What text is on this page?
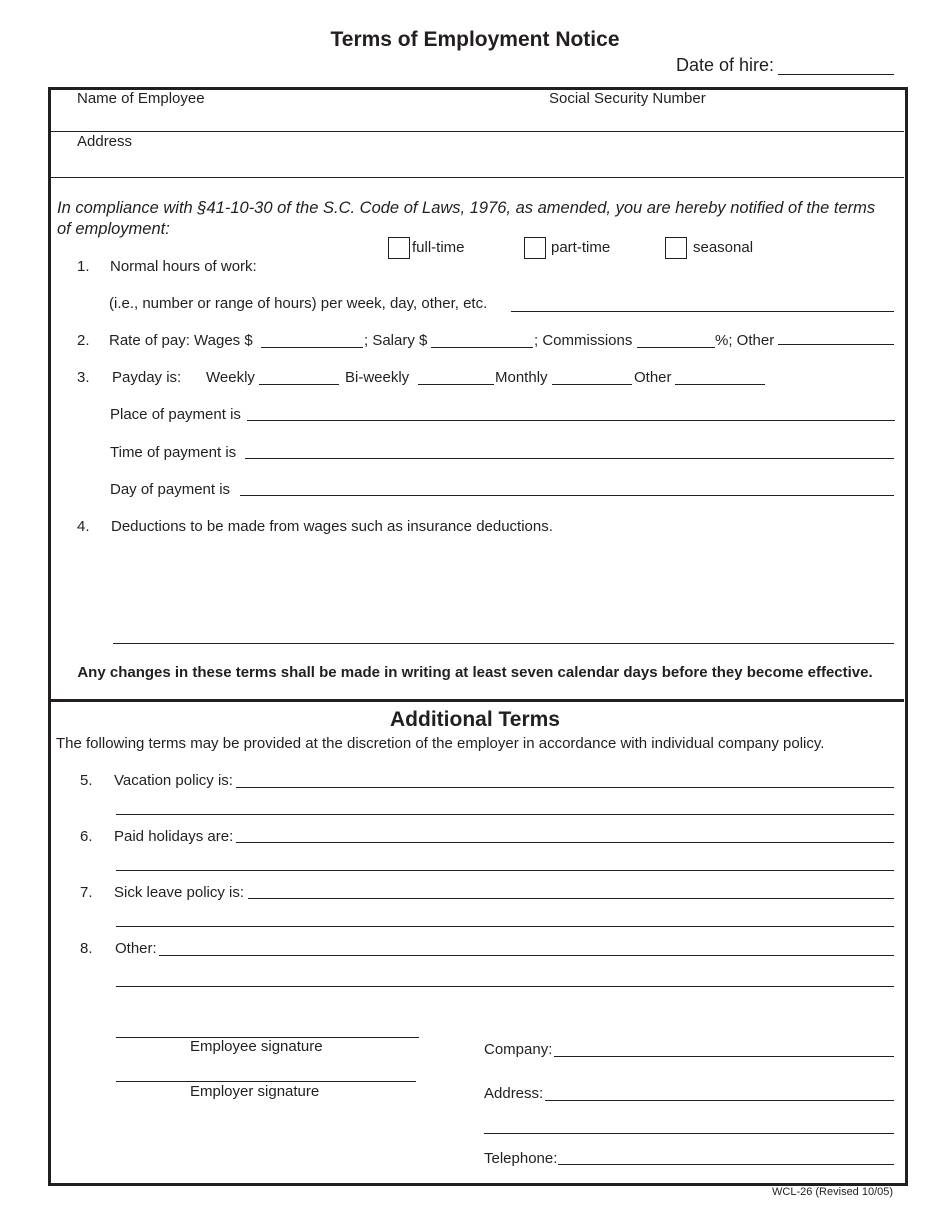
Terms of Employment Notice
Date of hire:
Name of Employee	Social Security Number
Address
In compliance with §41-10-30 of the S.C. Code of Laws, 1976, as amended, you are hereby notified of the terms of employment:
full-time	part-time	seasonal
1. Normal hours of work:
(i.e., number or range of hours) per week, day, other, etc.
2. Rate of pay: Wages $	; Salary $	; Commissions	%; Other
3. Payday is: Weekly	Bi-weekly	Monthly	Other
Place of payment is
Time of payment is
Day of payment is
4. Deductions to be made from wages such as insurance deductions.
Any changes in these terms shall be made in writing at least seven calendar days before they become effective.
Additional Terms
The following terms may be provided at the discretion of the employer in accordance with individual company policy.
5. Vacation policy is:
6. Paid holidays are:
7. Sick leave policy is:
8. Other:
Employee signature
Employer signature
Company:
Address:
Telephone:
WCL-26 (Revised 10/05)
